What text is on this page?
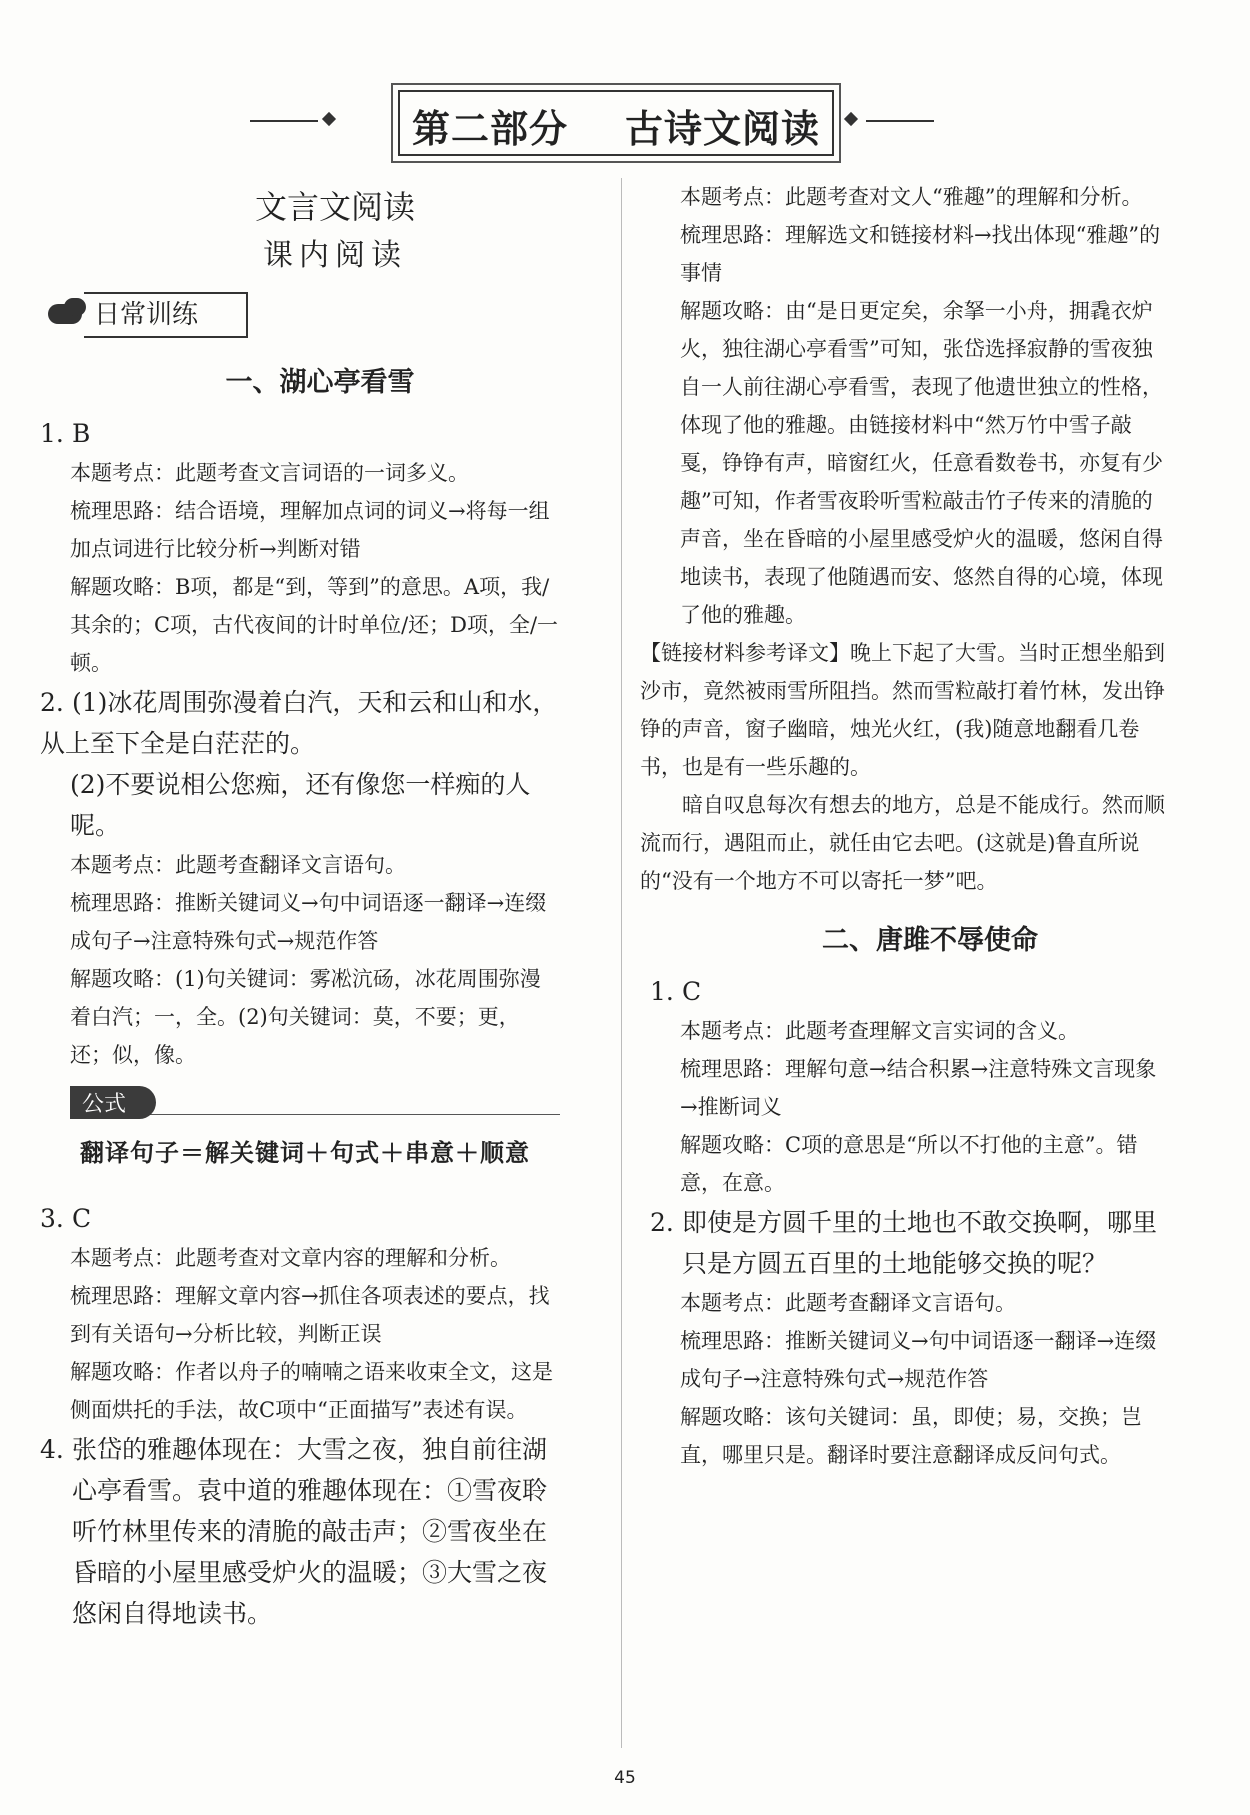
第二部分    古诗文阅读
文言文阅读
课内阅读
日常训练
一、湖心亭看雪
1. B
本题考点：此题考查文言词语的一词多义。
梳理思路：结合语境，理解加点词的词义→将每一组加点词进行比较分析→判断对错
解题攻略：B项，都是“到，等到”的意思。A项，我/其余的；C项，古代夜间的计时单位/还；D项，全/一顿。
2. (1)冰花周围弥漫着白汽，天和云和山和水，从上至下全是白茫茫的。
(2)不要说相公您痴，还有像您一样痴的人呢。
本题考点：此题考查翻译文言语句。
梳理思路：推断关键词义→句中词语逐一翻译→连缀成句子→注意特殊句式→规范作答
解题攻略：(1)句关键词：雾凇沆砀，冰花周围弥漫着白汽；一，全。(2)句关键词：莫，不要；更，还；似，像。
公式
翻译句子＝解关键词＋句式＋串意＋顺意
3. C
本题考点：此题考查对文章内容的理解和分析。
梳理思路：理解文章内容→抓住各项表述的要点，找到有关语句→分析比较，判断正误
解题攻略：作者以舟子的喃喃之语来收束全文，这是侧面烘托的手法，故C项中“正面描写”表述有误。
4. 张岱的雅趣体现在：大雪之夜，独自前往湖心亭看雪。袁中道的雅趣体现在：①雪夜聆听竹林里传来的清脆的敲击声；②雪夜坐在昏暗的小屋里感受炉火的温暖；③大雪之夜悠闲自得地读书。
本题考点：此题考查对文人“雅趣”的理解和分析。
梳理思路：理解选文和链接材料→找出体现“雅趣”的事情
解题攻略：由“是日更定矣，余拏一小舟，拥毳衣炉火，独往湖心亭看雪”可知，张岱选择寂静的雪夜独自一人前往湖心亭看雪，表现了他遗世独立的性格，体现了他的雅趣。由链接材料中“然万竹中雪子敲戛，铮铮有声，暗窗红火，任意看数卷书，亦复有少趣”可知，作者雪夜聆听雪粒敲击竹子传来的清脆的声音，坐在昏暗的小屋里感受炉火的温暖，悠闲自得地读书，表现了他随遇而安、悠然自得的心境，体现了他的雅趣。
【链接材料参考译文】晚上下起了大雪。当时正想坐船到沙市，竟然被雨雪所阻挡。然而雪粒敲打着竹林，发出铮铮的声音，窗子幽暗，烛光火红，(我)随意地翻看几卷书，也是有一些乐趣的。
暗自叹息每次有想去的地方，总是不能成行。然而顺流而行，遇阻而止，就任由它去吧。(这就是)鲁直所说的“没有一个地方不可以寄托一梦”吧。
二、唐雎不辱使命
1. C
本题考点：此题考查理解文言实词的含义。
梳理思路：理解句意→结合积累→注意特殊文言现象→推断词义
解题攻略：C项的意思是“所以不打他的主意”。错意，在意。
2. 即使是方圆千里的土地也不敢交换啊，哪里只是方圆五百里的土地能够交换的呢？
本题考点：此题考查翻译文言语句。
梳理思路：推断关键词义→句中词语逐一翻译→连缀成句子→注意特殊句式→规范作答
解题攻略：该句关键词：虽，即使；易，交换；岂直，哪里只是。翻译时要注意翻译成反问句式。
45
